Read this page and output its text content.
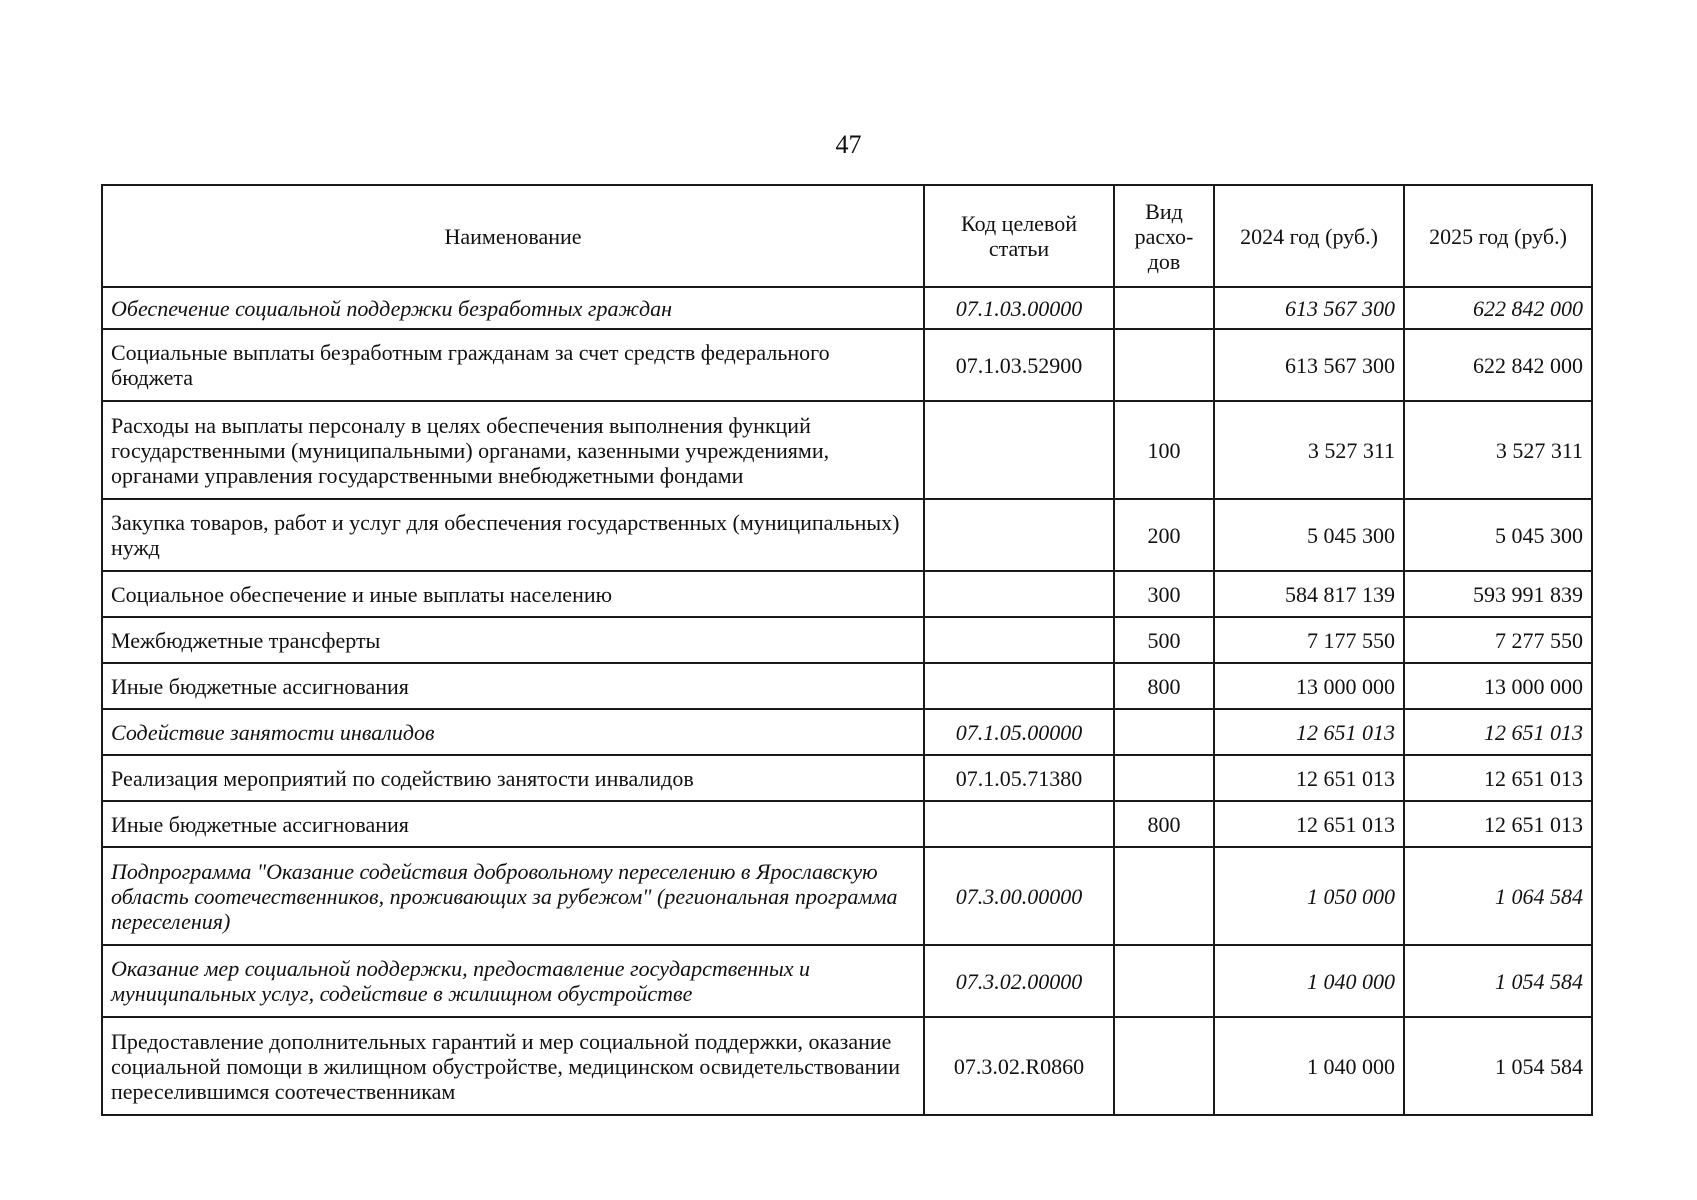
47
Наименование	Код целевой статьи	Вид расхо-дов	2024 год (руб.)	2025 год (руб.)
Обеспечение социальной поддержки безработных граждан	07.1.03.00000		613 567 300	622 842 000
Социальные выплаты безработным гражданам за счет средств федерального бюджета	07.1.03.52900		613 567 300	622 842 000
Расходы на выплаты персоналу в целях обеспечения выполнения функций государственными (муниципальными) органами, казенными учреждениями, органами управления государственными внебюджетными фондами		100	3 527 311	3 527 311
Закупка товаров, работ и услуг для обеспечения государственных (муниципальных) нужд		200	5 045 300	5 045 300
Социальное обеспечение и иные выплаты населению		300	584 817 139	593 991 839
Межбюджетные трансферты		500	7 177 550	7 277 550
Иные бюджетные ассигнования		800	13 000 000	13 000 000
Содействие занятости инвалидов	07.1.05.00000		12 651 013	12 651 013
Реализация мероприятий по содействию занятости инвалидов	07.1.05.71380		12 651 013	12 651 013
Иные бюджетные ассигнования		800	12 651 013	12 651 013
Подпрограмма "Оказание содействия добровольному переселению в Ярославскую область соотечественников, проживающих за рубежом" (региональная программа переселения)	07.3.00.00000		1 050 000	1 064 584
Оказание мер социальной поддержки, предоставление государственных и муниципальных услуг, содействие в жилищном обустройстве	07.3.02.00000		1 040 000	1 054 584
Предоставление дополнительных гарантий и мер социальной поддержки, оказание социальной помощи в жилищном обустройстве, медицинском освидетельствовании переселившимся соотечественникам	07.3.02.R0860		1 040 000	1 054 584
